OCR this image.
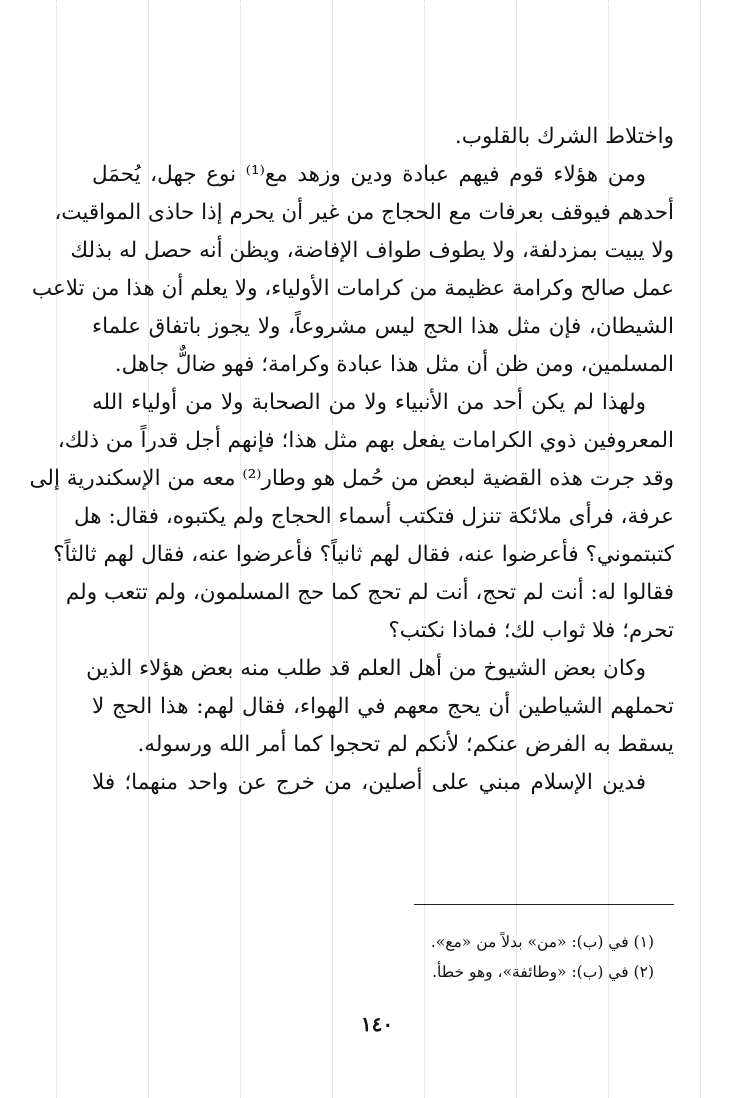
واختلاط الشرك بالقلوب.
ومن هؤلاء قوم فيهم عبادة ودين وزهد مع⁽¹⁾ نوع جهل، يُحمَل
أحدهم فيوقف بعرفات مع الحجاج من غير أن يحرم إذا حاذى المواقيت،
ولا يبيت بمزدلفة، ولا يطوف طواف الإفاضة، ويظن أنه حصل له بذلك
عمل صالح وكرامة عظيمة من كرامات الأولياء، ولا يعلم أن هذا من تلاعب
الشيطان، فإن مثل هذا الحج ليس مشروعاً، ولا يجوز باتفاق علماء
المسلمين، ومن ظن أن مثل هذا عبادة وكرامة؛ فهو ضالٌّ جاهل.
ولهذا لم يكن أحد من الأنبياء ولا من الصحابة ولا من أولياء الله
المعروفين ذوي الكرامات يفعل بهم مثل هذا؛ فإنهم أجل قدراً من ذلك،
وقد جرت هذه القضية لبعض من حُمل هو وطار⁽²⁾ معه من الإسكندرية إلى
عرفة، فرأى ملائكة تنزل فتكتب أسماء الحجاج ولم يكتبوه، فقال: هل
كتبتموني؟ فأعرضوا عنه، فقال لهم ثانياً؟ فأعرضوا عنه، فقال لهم ثالثاً؟
فقالوا له: أنت لم تحج، أنت لم تحج كما حج المسلمون، ولم تتعب ولم
تحرم؛ فلا ثواب لك؛ فماذا نكتب؟
وكان بعض الشيوخ من أهل العلم قد طلب منه بعض هؤلاء الذين
تحملهم الشياطين أن يحج معهم في الهواء، فقال لهم: هذا الحج لا
يسقط به الفرض عنكم؛ لأنكم لم تحجوا كما أمر الله ورسوله.
فدين الإسلام مبني على أصلين، من خرج عن واحد منهما؛ فلا
(١) في (ب): «من» بدلاً من «مع».
(٢) في (ب): «وطائفة»، وهو خطأ.
١٤٠
